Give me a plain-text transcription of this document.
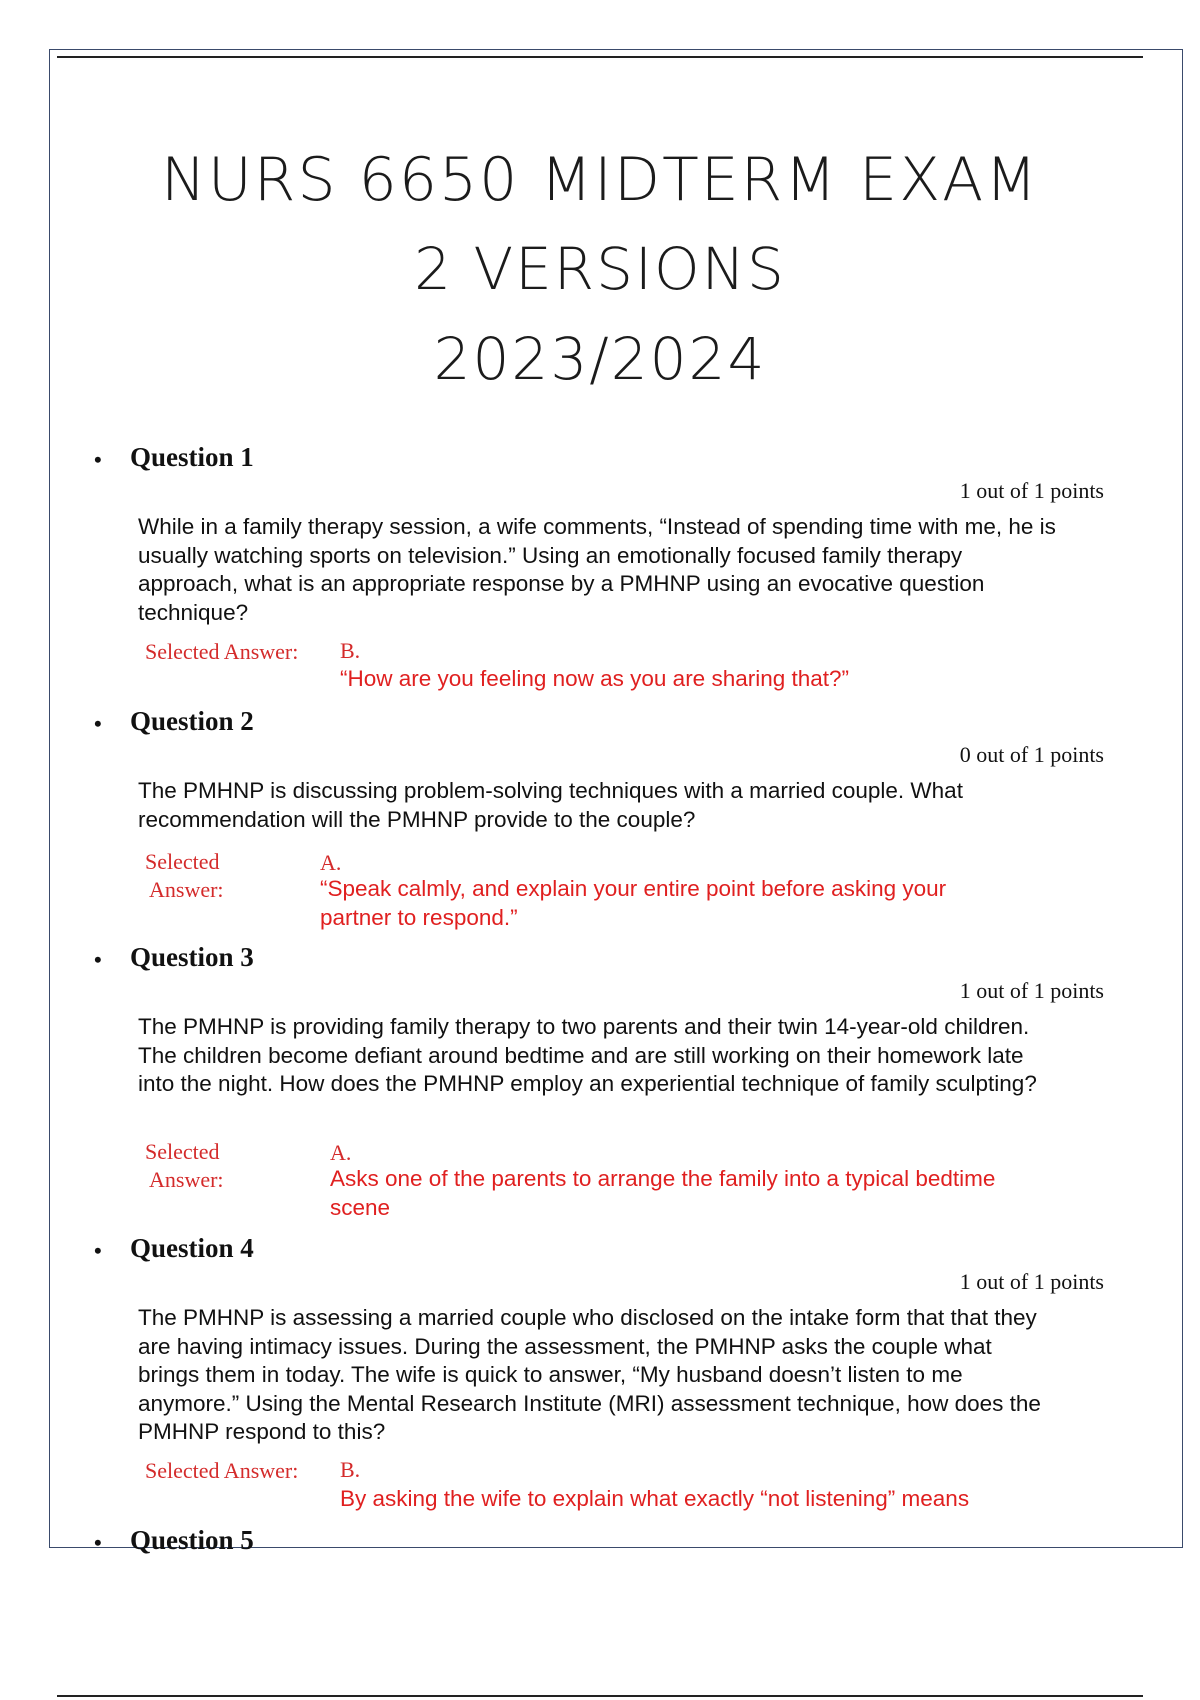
NURS 6650 MIDTERM EXAM
2 VERSIONS
2023/2024
• Question 1
1 out of 1 points
While in a family therapy session, a wife comments, “Instead of spending time with me, he is usually watching sports on television.” Using an emotionally focused family therapy approach, what is an appropriate response by a PMHNP using an evocative question technique?
Selected Answer: B.
“How are you feeling now as you are sharing that?”
• Question 2
0 out of 1 points
The PMHNP is discussing problem-solving techniques with a married couple. What recommendation will the PMHNP provide to the couple?
Selected
Answer:
A.
“Speak calmly, and explain your entire point before asking your partner to respond.”
• Question 3
1 out of 1 points
The PMHNP is providing family therapy to two parents and their twin 14-year-old children. The children become defiant around bedtime and are still working on their homework late into the night. How does the PMHNP employ an experiential technique of family sculpting?
Selected
Answer:
A.
Asks one of the parents to arrange the family into a typical bedtime scene
• Question 4
1 out of 1 points
The PMHNP is assessing a married couple who disclosed on the intake form that that they are having intimacy issues. During the assessment, the PMHNP asks the couple what brings them in today. The wife is quick to answer, “My husband doesn’t listen to me anymore.” Using the Mental Research Institute (MRI) assessment technique, how does the PMHNP respond to this?
Selected Answer: B.
By asking the wife to explain what exactly “not listening” means
• Question 5
